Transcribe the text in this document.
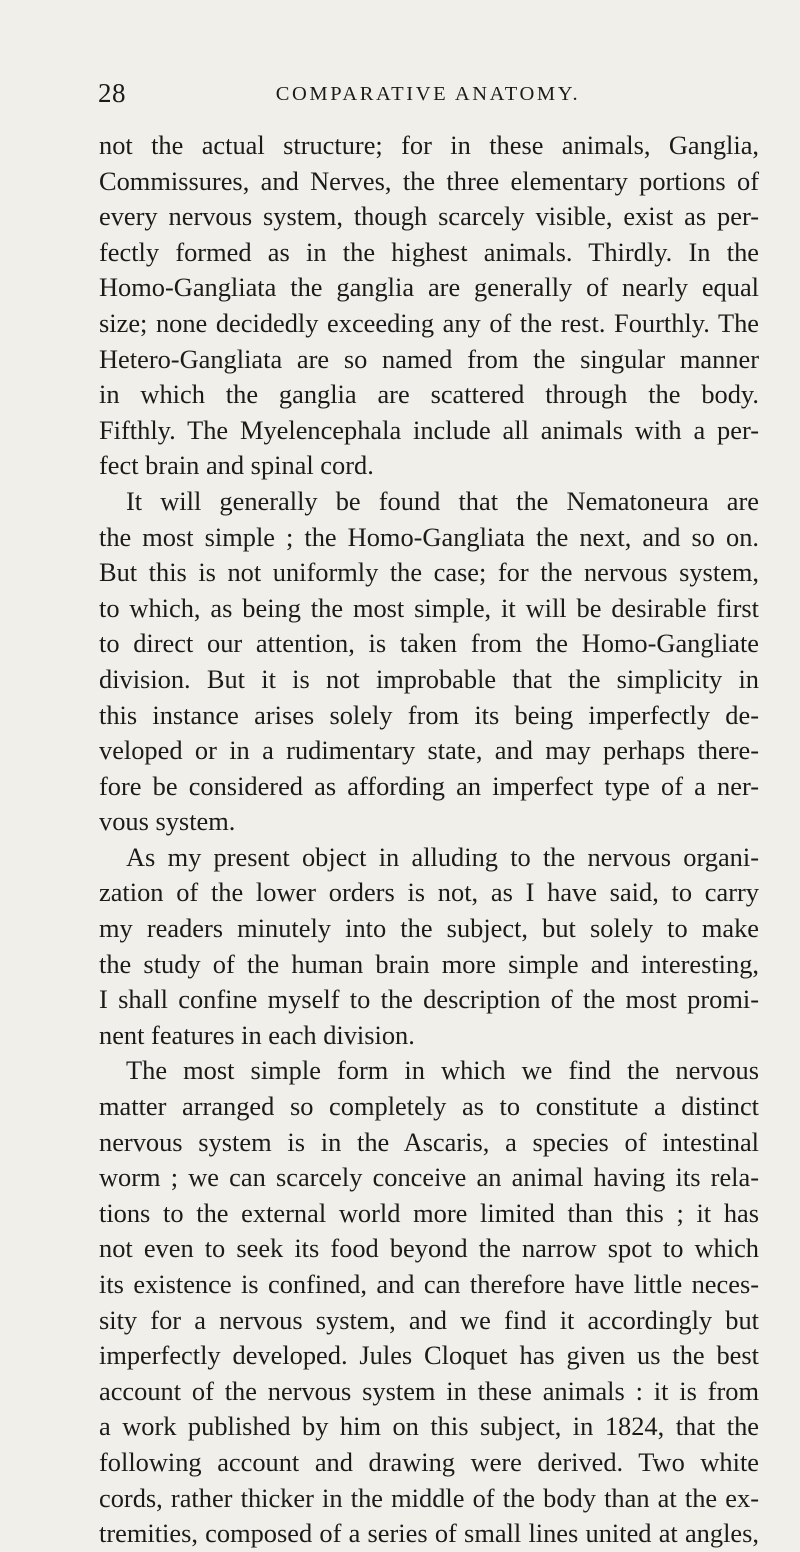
28	COMPARATIVE ANATOMY.
not the actual structure; for in these animals, Ganglia,
Commissures, and Nerves, the three elementary portions of
every nervous system, though scarcely visible, exist as per-
fectly formed as in the highest animals. Thirdly. In the
Homo-Gangliata the ganglia are generally of nearly equal
size; none decidedly exceeding any of the rest. Fourthly. The
Hetero-Gangliata are so named from the singular manner
in which the ganglia are scattered through the body.
Fifthly. The Myelencephala include all animals with a per-
fect brain and spinal cord.
It will generally be found that the Nematoneura are
the most simple ; the Homo-Gangliata the next, and so on.
But this is not uniformly the case; for the nervous system,
to which, as being the most simple, it will be desirable first
to direct our attention, is taken from the Homo-Gangliate
division. But it is not improbable that the simplicity in
this instance arises solely from its being imperfectly de-
veloped or in a rudimentary state, and may perhaps there-
fore be considered as affording an imperfect type of a ner-
vous system.
As my present object in alluding to the nervous organi-
zation of the lower orders is not, as I have said, to carry
my readers minutely into the subject, but solely to make
the study of the human brain more simple and interesting,
I shall confine myself to the description of the most promi-
nent features in each division.
The most simple form in which we find the nervous
matter arranged so completely as to constitute a distinct
nervous system is in the Ascaris, a species of intestinal
worm ; we can scarcely conceive an animal having its rela-
tions to the external world more limited than this ; it has
not even to seek its food beyond the narrow spot to which
its existence is confined, and can therefore have little neces-
sity for a nervous system, and we find it accordingly but
imperfectly developed. Jules Cloquet has given us the best
account of the nervous system in these animals : it is from
a work published by him on this subject, in 1824, that the
following account and drawing were derived. Two white
cords, rather thicker in the middle of the body than at the ex-
tremities, composed of a series of small lines united at angles,
